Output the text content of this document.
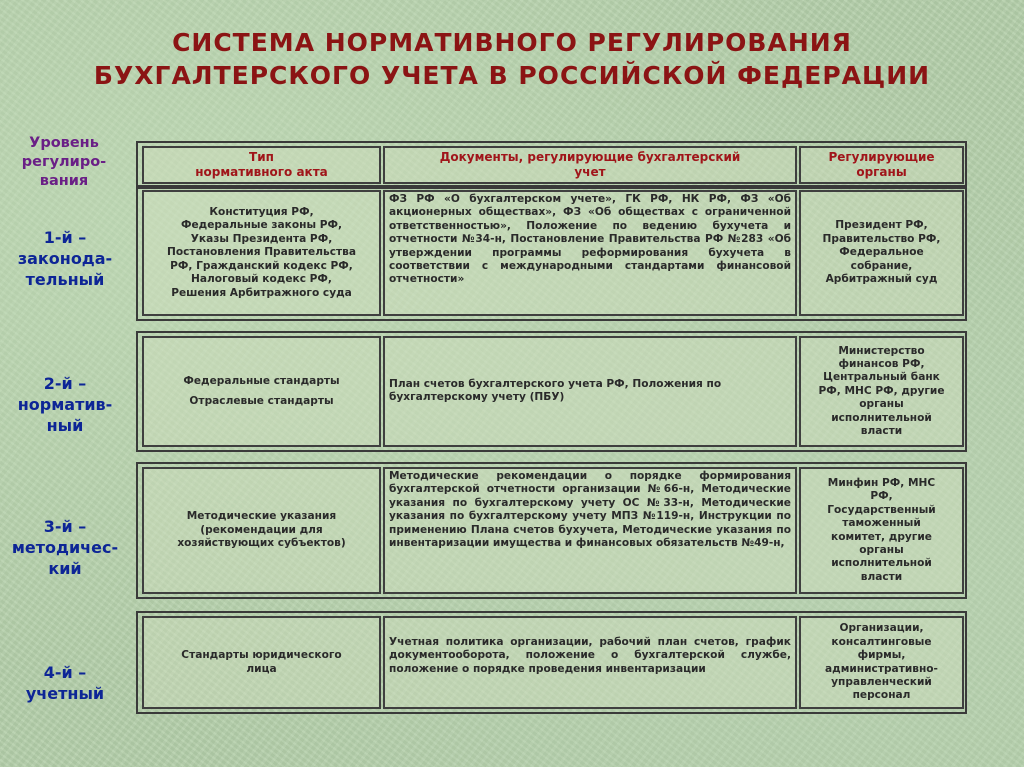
СИСТЕМА НОРМАТИВНОГО РЕГУЛИРОВАНИЯ
БУХГАЛТЕРСКОГО УЧЕТА В РОССИЙСКОЙ ФЕДЕРАЦИИ
Уровень
регулиро-
вания
Тип
нормативного акта
Документы, регулирующие бухгалтерский
учет
Регулирующие
органы
1-й –
законода-
тельный
Конституция РФ,
Федеральные законы РФ,
Указы Президента РФ,
Постановления Правительства
РФ, Гражданский кодекс РФ,
Налоговый кодекс РФ,
Решения Арбитражного суда
ФЗ РФ «О бухгалтерском учете», ГК РФ, НК РФ, ФЗ «Об акционерных обществах», ФЗ «Об обществах с ограниченной ответственностью», Положение по ведению бухучета и отчетности №34-н, Постановление Правительства РФ №283 «Об утверждении программы реформирования бухучета в соответствии с международными стандартами финансовой отчетности»
Президент РФ,
Правительство РФ,
Федеральное
собрание,
Арбитражный суд
2-й –
норматив-
ный
Федеральные стандарты
Отраслевые стандарты
План счетов бухгалтерского учета РФ, Положения по бухгалтерскому учету (ПБУ)
Министерство
финансов РФ,
Центральный банк
РФ, МНС РФ, другие
органы
исполнительной
власти
3-й –
методичес-
кий
Методические указания
(рекомендации для
хозяйствующих субъектов)
Методические рекомендации о порядке формирования бухгалтерской отчетности организации №66-н, Методические указания по бухгалтерскому учету ОС №33-н, Методические указания по бухгалтерскому учету МПЗ №119-н, Инструкции по применению Плана счетов бухучета, Методические указания по инвентаризации имущества и финансовых обязательств №49-н,
Минфин РФ, МНС
РФ,
Государственный
таможенный
комитет, другие
органы
исполнительной
власти
4-й –
учетный
Стандарты юридического
лица
Учетная политика организации, рабочий план счетов, график документооборота, положение о бухгалтерской службе, положение о порядке проведения инвентаризации
Организации,
консалтинговые
фирмы,
административно-
управленческий
персонал
